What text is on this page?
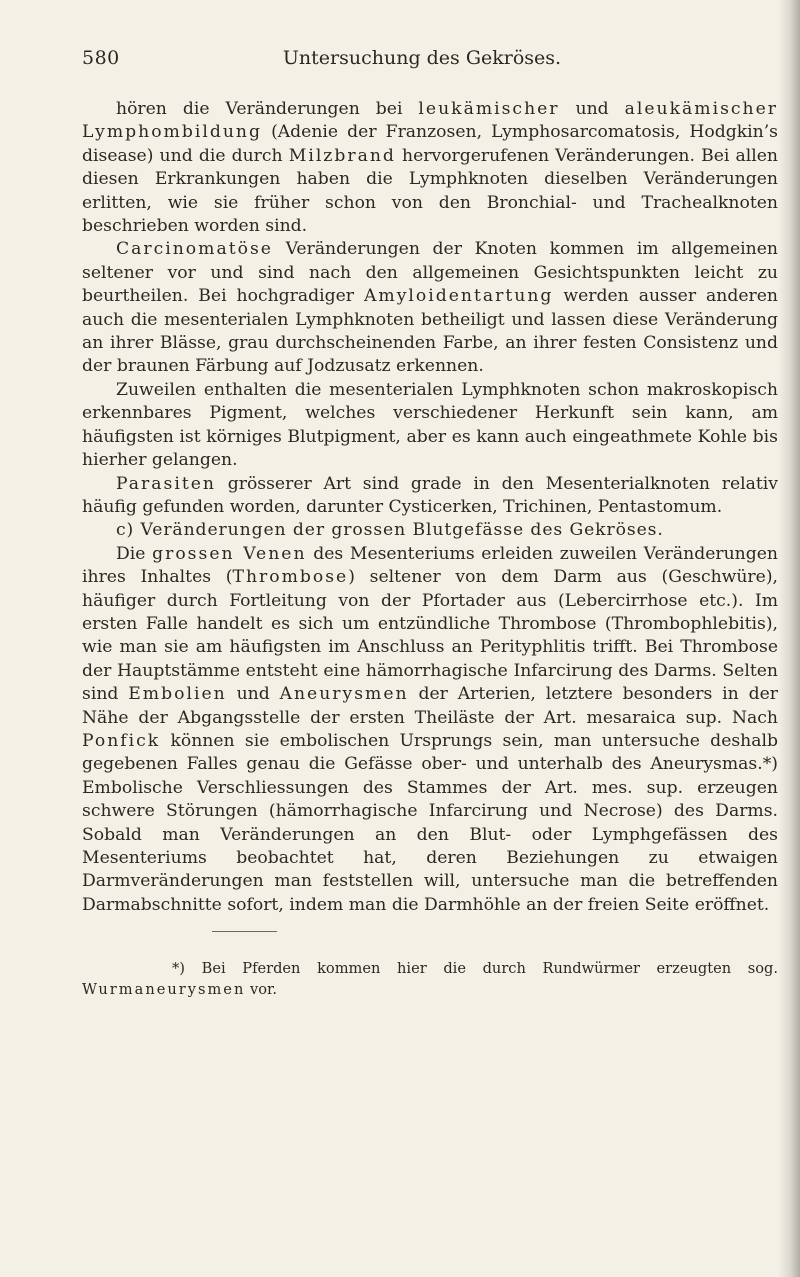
580	Untersuchung des Gekröses.

hören die Veränderungen bei leukämischer und aleukämischer Lymphombildung (Adenie der Franzosen, Lymphosarcomatosis, Hodgkin’s disease) und die durch Milzbrand hervorgerufenen Veränderungen. Bei allen diesen Erkrankungen haben die Lymphknoten dieselben Veränderungen erlitten, wie sie früher schon von den Bronchial- und Trachealknoten beschrieben worden sind.

Carcinomatöse Veränderungen der Knoten kommen im allgemeinen seltener vor und sind nach den allgemeinen Gesichtspunkten leicht zu beurtheilen. Bei hochgradiger Amyloidentartung werden ausser anderen auch die mesenterialen Lymphknoten betheiligt und lassen diese Veränderung an ihrer Blässe, grau durchscheinenden Farbe, an ihrer festen Consistenz und der braunen Färbung auf Jodzusatz erkennen.

Zuweilen enthalten die mesenterialen Lymphknoten schon makroskopisch erkennbares Pigment, welches verschiedener Herkunft sein kann, am häufigsten ist körniges Blutpigment, aber es kann auch eingeathmete Kohle bis hierher gelangen.

Parasiten grösserer Art sind grade in den Mesenterialknoten relativ häufig gefunden worden, darunter Cysticerken, Trichinen, Pentastomum.

c) Veränderungen der grossen Blutgefässe des Gekröses.

Die grossen Venen des Mesenteriums erleiden zuweilen Veränderungen ihres Inhaltes (Thrombose) seltener von dem Darm aus (Geschwüre), häufiger durch Fortleitung von der Pfortader aus (Lebercirrhose etc.). Im ersten Falle handelt es sich um entzündliche Thrombose (Thrombophlebitis), wie man sie am häufigsten im Anschluss an Perityphlitis trifft. Bei Thrombose der Hauptstämme entsteht eine hämorrhagische Infarcirung des Darms. Selten sind Embolien und Aneurysmen der Arterien, letztere besonders in der Nähe der Abgangsstelle der ersten Theiläste der Art. mesaraica sup. Nach Ponfick können sie embolischen Ursprungs sein, man untersuche deshalb gegebenen Falles genau die Gefässe ober- und unterhalb des Aneurysmas.*) Embolische Verschliessungen des Stammes der Art. mes. sup. erzeugen schwere Störungen (hämorrhagische Infarcirung und Necrose) des Darms. Sobald man Veränderungen an den Blut- oder Lymphgefässen des Mesenteriums beobachtet hat, deren Beziehungen zu etwaigen Darmveränderungen man feststellen will, untersuche man die betreffenden Darmabschnitte sofort, indem man die Darmhöhle an der freien Seite eröffnet.

*) Bei Pferden kommen hier die durch Rundwürmer erzeugten sog. Wurmaneurysmen vor.
